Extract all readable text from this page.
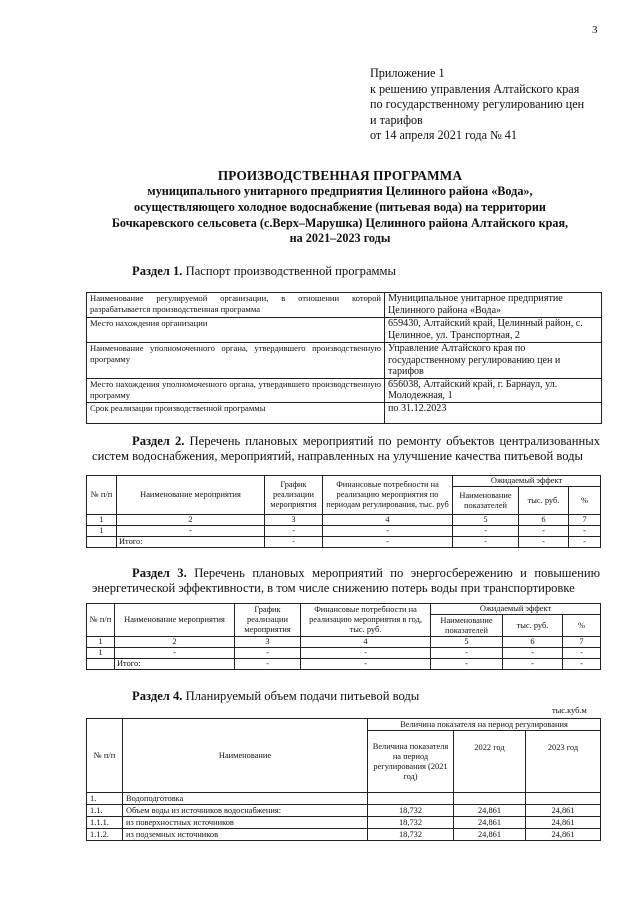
3
Приложение 1
к решению управления Алтайского края
по государственному регулированию цен
и тарифов
от 14 апреля 2021 года № 41
ПРОИЗВОДСТВЕННАЯ ПРОГРАММА
муниципального унитарного предприятия Целинного района «Вода»,
осуществляющего холодное водоснабжение (питьевая вода) на территории
Бочкаревского сельсовета (с.Верх–Марушка) Целинного района Алтайского края,
на 2021–2023 годы
Раздел 1. Паспорт производственной программы
Наименование регулируемой организации, в отношении которой разрабатывается производственная программа	Муниципальное унитарное предприятие Целинного района «Вода»
Место нахождения организации	659430, Алтайский край, Целинный район, с. Целинное, ул. Транспортная, 2
Наименование уполномоченного органа, утвердившего производственную программу	Управление Алтайского края по государственному регулированию цен и тарифов
Место нахождения уполномоченного органа, утвердившего производственную программу	656038, Алтайский край, г. Барнаул, ул. Молодежная, 1
Срок реализации производственной программы	по 31.12.2023
Раздел 2. Перечень плановых мероприятий по ремонту объектов централизованных систем водоснабжения, мероприятий, направленных на улучшение качества питьевой воды
№ п/п	Наименование мероприятия	График реализации мероприятия	Финансовые потребности на реализацию мероприятия по периодам регулирования, тыс. руб	Ожидаемый эффект		
				Наименование показателей	тыс. руб.	%
1	2	3	4	5	6	7
1	-	-	-	-	-	-
	Итого:	-	-	-	-	-
Раздел 3. Перечень плановых мероприятий по энергосбережению и повышению энергетической эффективности, в том числе снижению потерь воды при транспортировке
№ п/п	Наименование мероприятия	График реализации мероприятия	Финансовые потребности на реализацию мероприятия в год, тыс. руб.	Ожидаемый эффект		
				Наименование показателей	тыс. руб.	%
1	2	3	4	5	6	7
1	-	-	-	-	-	-
	Итого:	-	-	-	-	-
Раздел 4. Планируемый объем подачи питьевой воды
тыс.куб.м
№ п/п	Наименование	Величина показателя на период регулирования		
		Величина показателя на период регулирования (2021 год)	2022 год	2023 год
1.	Водоподготовка			
1.1.	Объем воды из источников водоснабжения:	18,732	24,861	24,861
1.1.1.	из поверхностных источников	18,732	24,861	24,861
1.1.2.	из подземных источников	18,732	24,861	24,861
